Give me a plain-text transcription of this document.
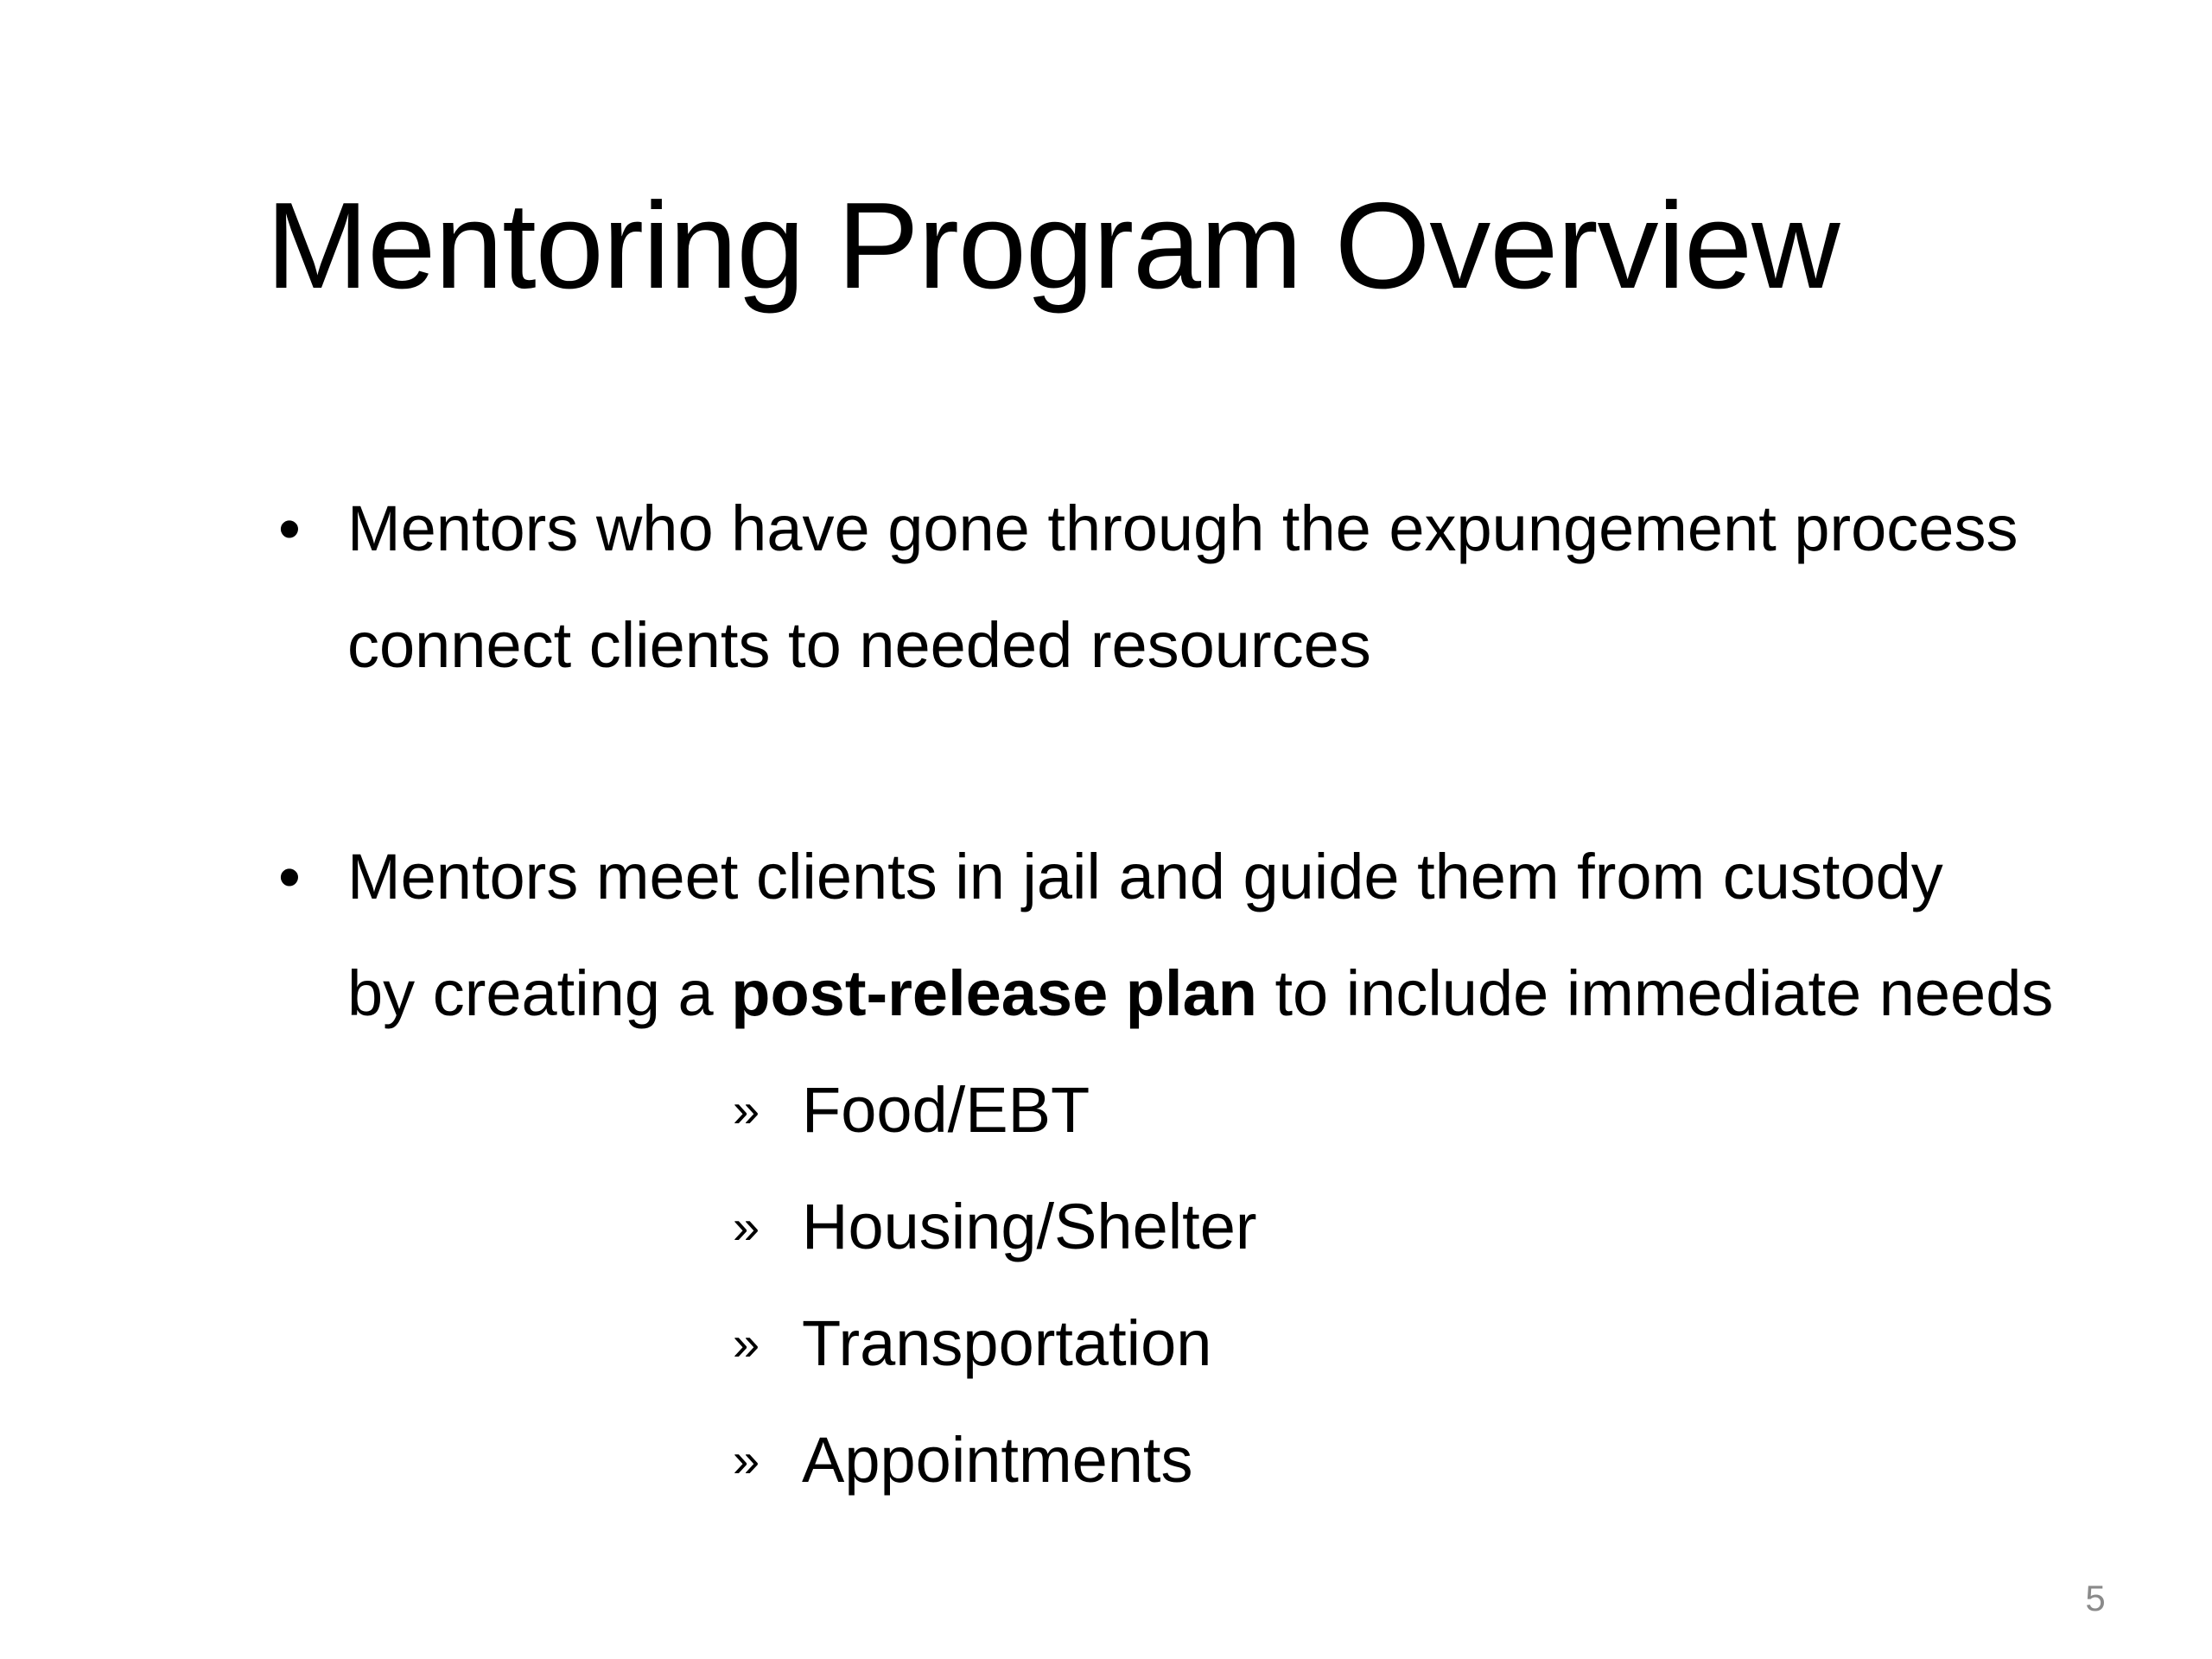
Mentoring Program Overview
• Mentors who have gone through the expungement process
connect clients to needed resources
• Mentors meet clients in jail and guide them from custody
by creating a post-release plan to include immediate needs
» Food/EBT
» Housing/Shelter
» Transportation
» Appointments
5
